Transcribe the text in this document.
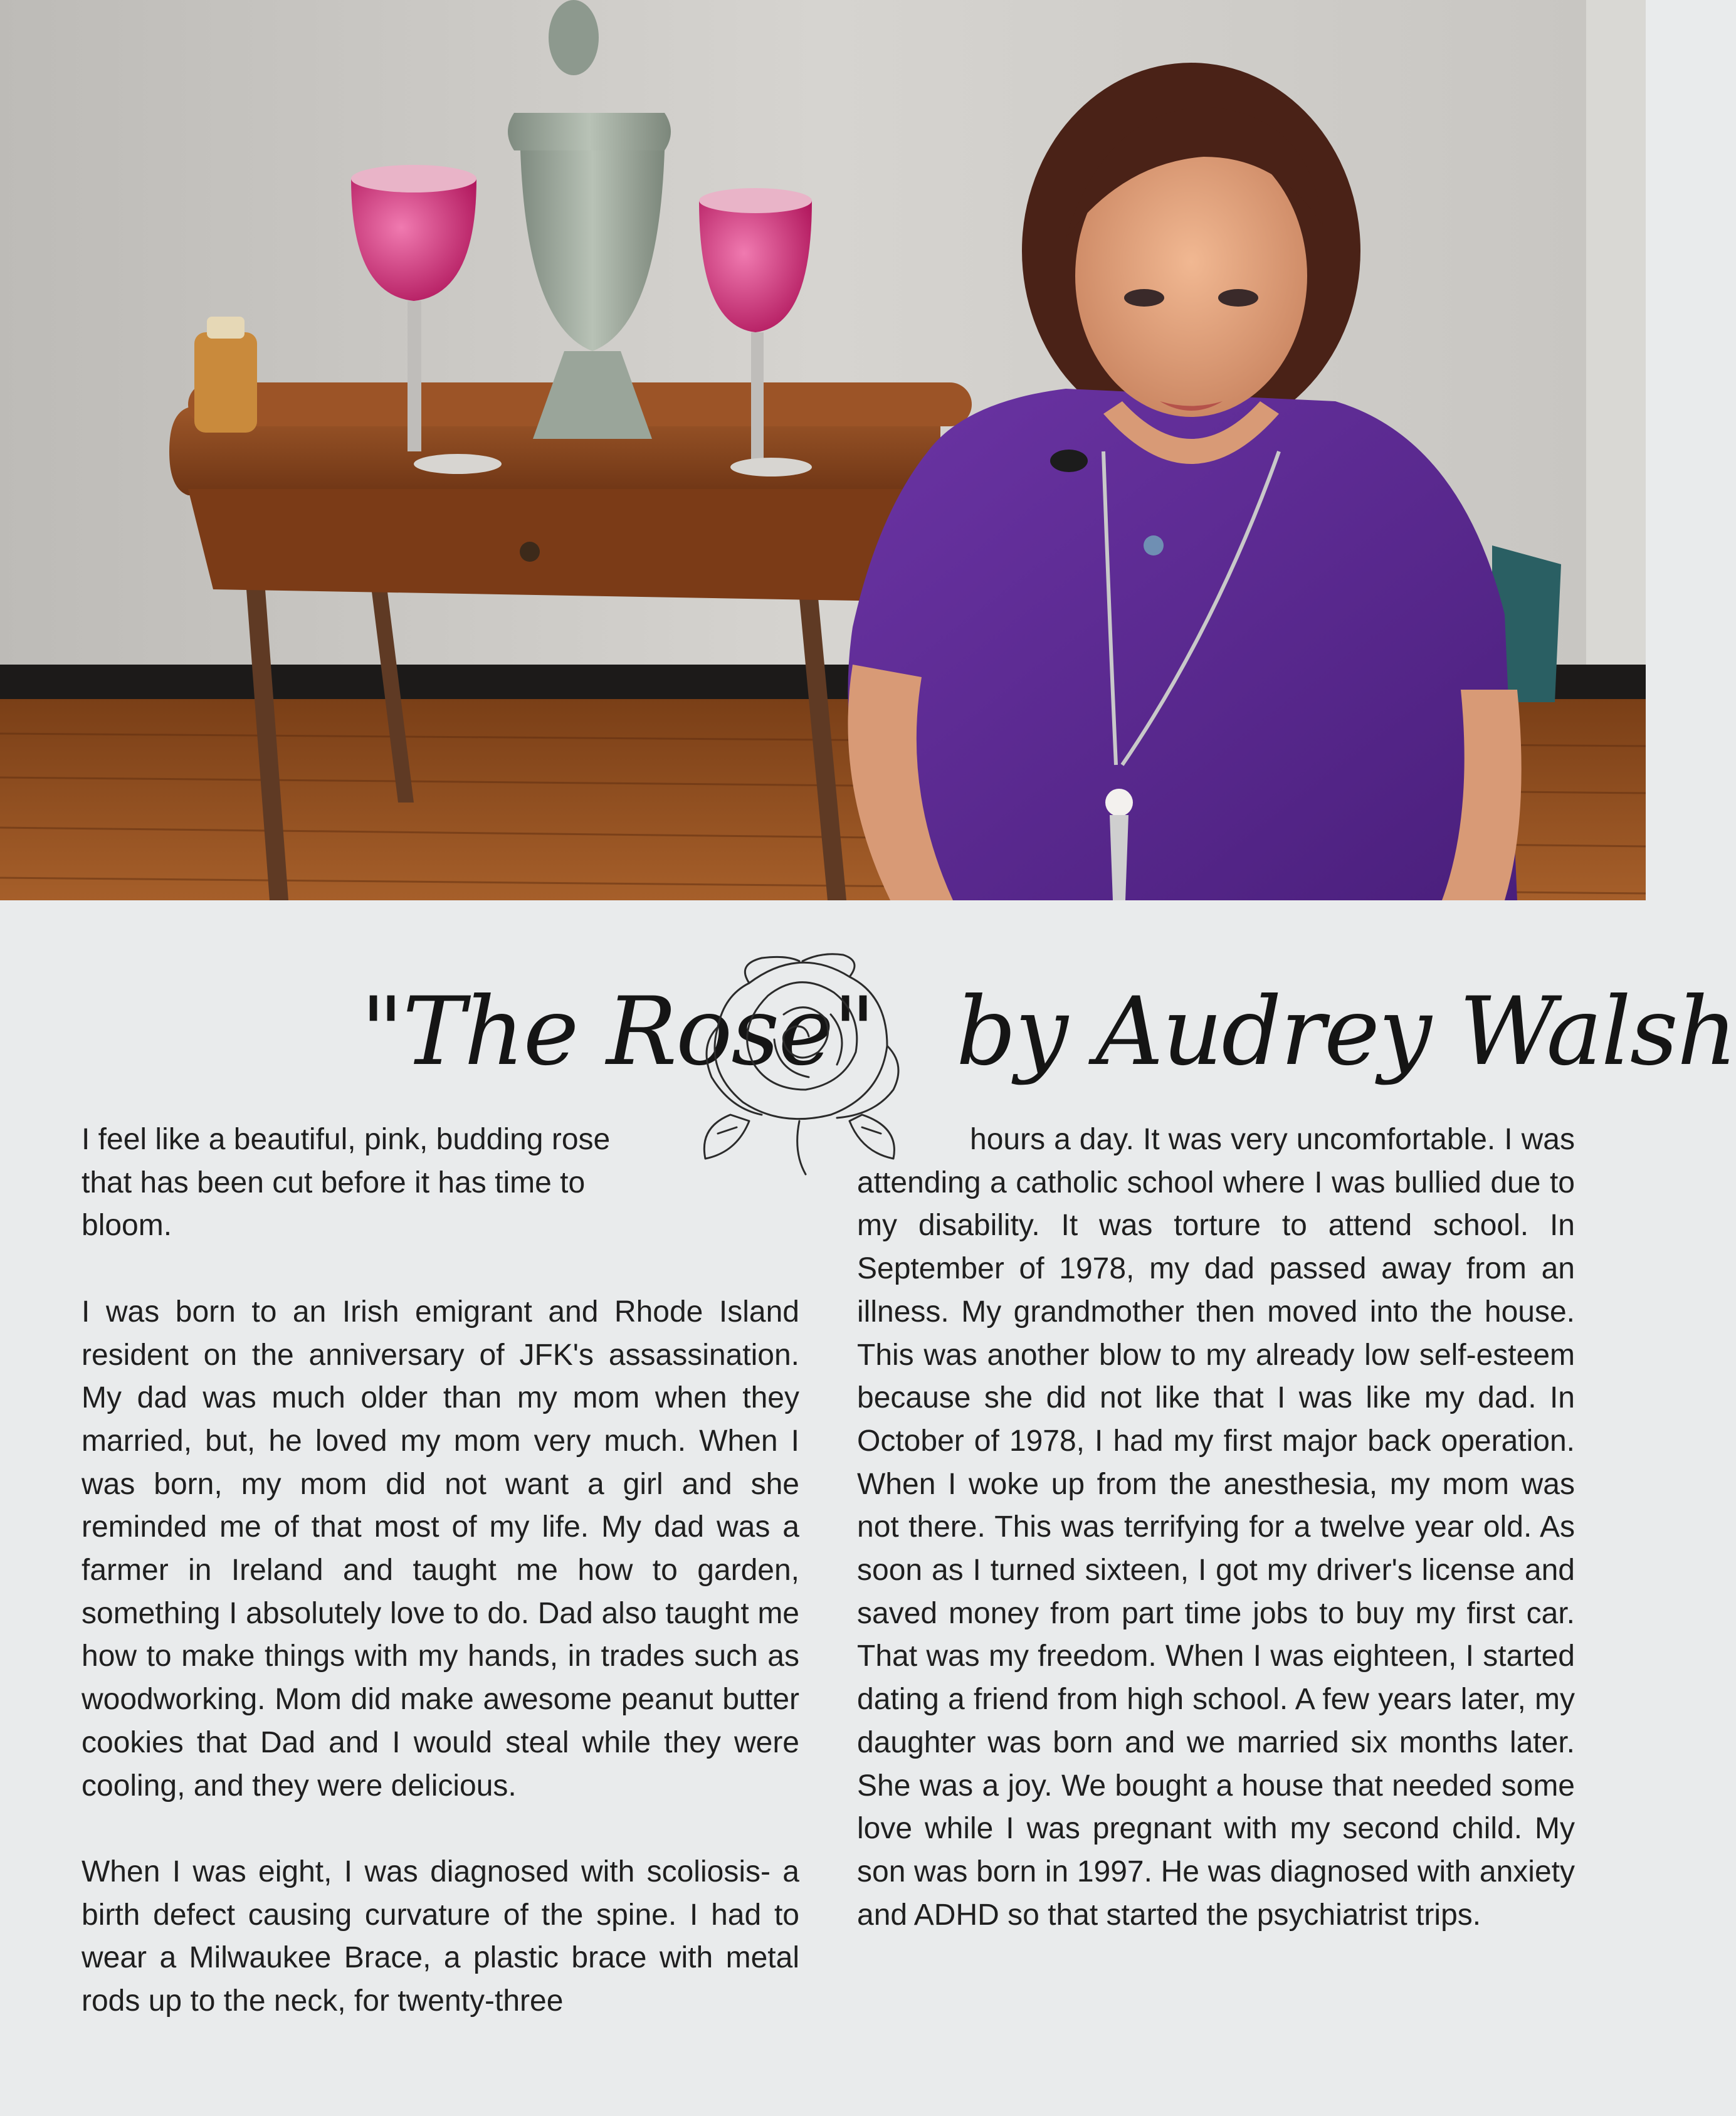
"The Rose" by Audrey Walsh

I feel like a beautiful, pink, budding rose that has been cut before it has time to bloom.

I was born to an Irish emigrant and Rhode Island resident on the anniversary of JFK's assassination. My dad was much older than my mom when they married, but, he loved my mom very much. When I was born, my mom did not want a girl and she reminded me of that most of my life. My dad was a farmer in Ireland and taught me how to garden, something I absolutely love to do. Dad also taught me how to make things with my hands, in trades such as woodworking. Mom did make awesome peanut butter cookies that Dad and I would steal while they were cooling, and they were delicious.

When I was eight, I was diagnosed with scoliosis- a birth defect causing curvature of the spine. I had to wear a Milwaukee Brace, a plastic brace with metal rods up to the neck, for twenty-three

hours a day. It was very uncomfortable. I was attending a catholic school where I was bullied due to my disability. It was torture to attend school. In September of 1978, my dad passed away from an illness. My grandmother then moved into the house. This was another blow to my already low self-esteem because she did not like that I was like my dad. In October of 1978, I had my first major back operation. When I woke up from the anesthesia, my mom was not there. This was terrifying for a twelve year old. As soon as I turned sixteen, I got my driver's license and saved money from part time jobs to buy my first car. That was my freedom. When I was eighteen, I started dating a friend from high school. A few years later, my daughter was born and we married six months later. She was a joy. We bought a house that needed some love while I was pregnant with my second child. My son was born in 1997. He was diagnosed with anxiety and ADHD so that started the psychiatrist trips.
